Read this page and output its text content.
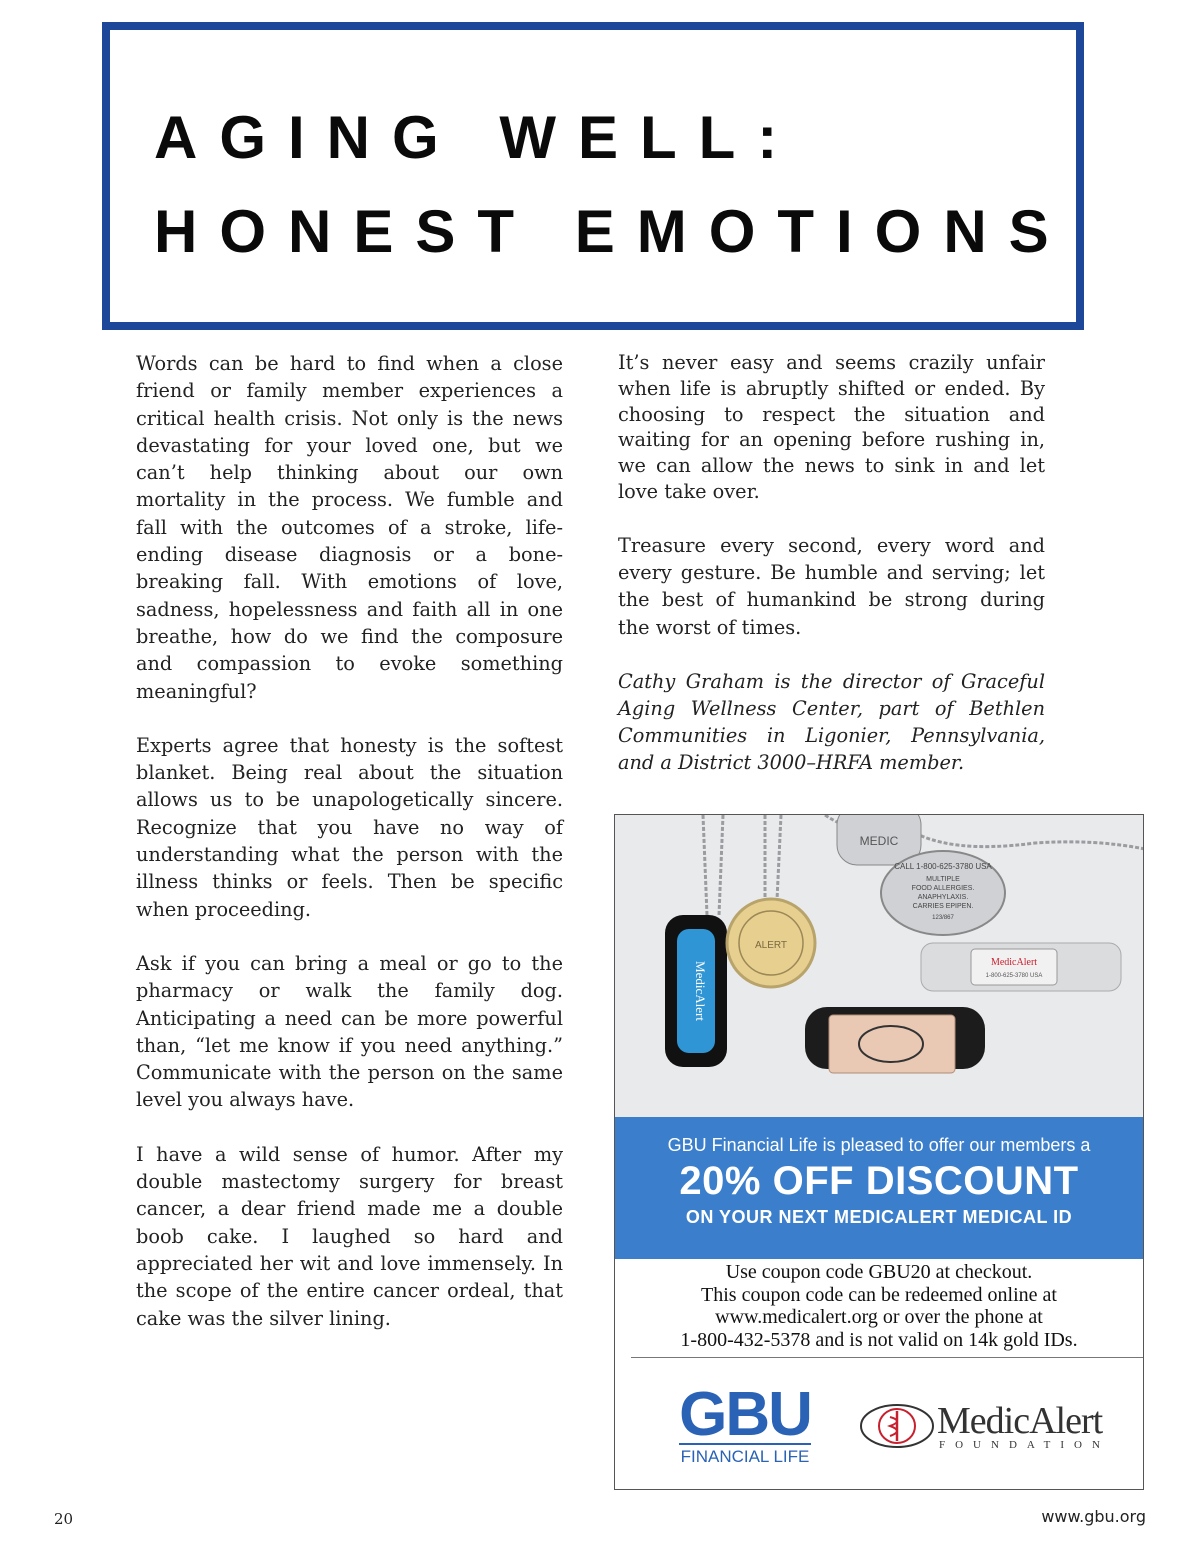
AGING WELL:
HONEST EMOTIONS

Words can be hard to find when a close friend or family member experiences a critical health crisis. Not only is the news devastating for your loved one, but we can’t help thinking about our own mortality in the process. We fumble and fall with the outcomes of a stroke, life-ending disease diagnosis or a bone-breaking fall. With emotions of love, sadness, hopelessness and faith all in one breathe, how do we find the composure and compassion to evoke something meaningful?

Experts agree that honesty is the softest blanket. Being real about the situation allows us to be unapologetically sincere. Recognize that you have no way of understanding what the person with the illness thinks or feels. Then be specific when proceeding.

Ask if you can bring a meal or go to the pharmacy or walk the family dog. Anticipating a need can be more powerful than, “let me know if you need anything.” Communicate with the person on the same level you always have.

I have a wild sense of humor. After my double mastectomy surgery for breast cancer, a dear friend made me a double boob cake. I laughed so hard and appreciated her wit and love immensely. In the scope of the entire cancer ordeal, that cake was the silver lining.

It’s never easy and seems crazily unfair when life is abruptly shifted or ended. By choosing to respect the situation and waiting for an opening before rushing in, we can allow the news to sink in and let love take over.

Treasure every second, every word and every gesture. Be humble and serving; let the best of humankind be strong during the worst of times.

Cathy Graham is the director of Graceful Aging Wellness Center, part of Bethlen Communities in Ligonier, Pennsylvania, and a District 3000–HRFA member.

MEDIC
CALL 1-800-625-3780 USA
MULTIPLE
FOOD ALLERGIES.
ANAPHYLAXIS.
CARRIES EPIPEN.
123/867
MedicAlert
ALERT
MedicAlert
1-800-625-3780 USA
GBU Financial Life is pleased to offer our members a
20% OFF DISCOUNT
ON YOUR NEXT MEDICALERT MEDICAL ID
Use coupon code GBU20 at checkout.
This coupon code can be redeemed online at
www.medicalert.org or over the phone at
1-800-432-5378 and is not valid on 14k gold IDs.
GBU
FINANCIAL LIFE
MedicAlert
FOUNDATION
20	www.gbu.org
